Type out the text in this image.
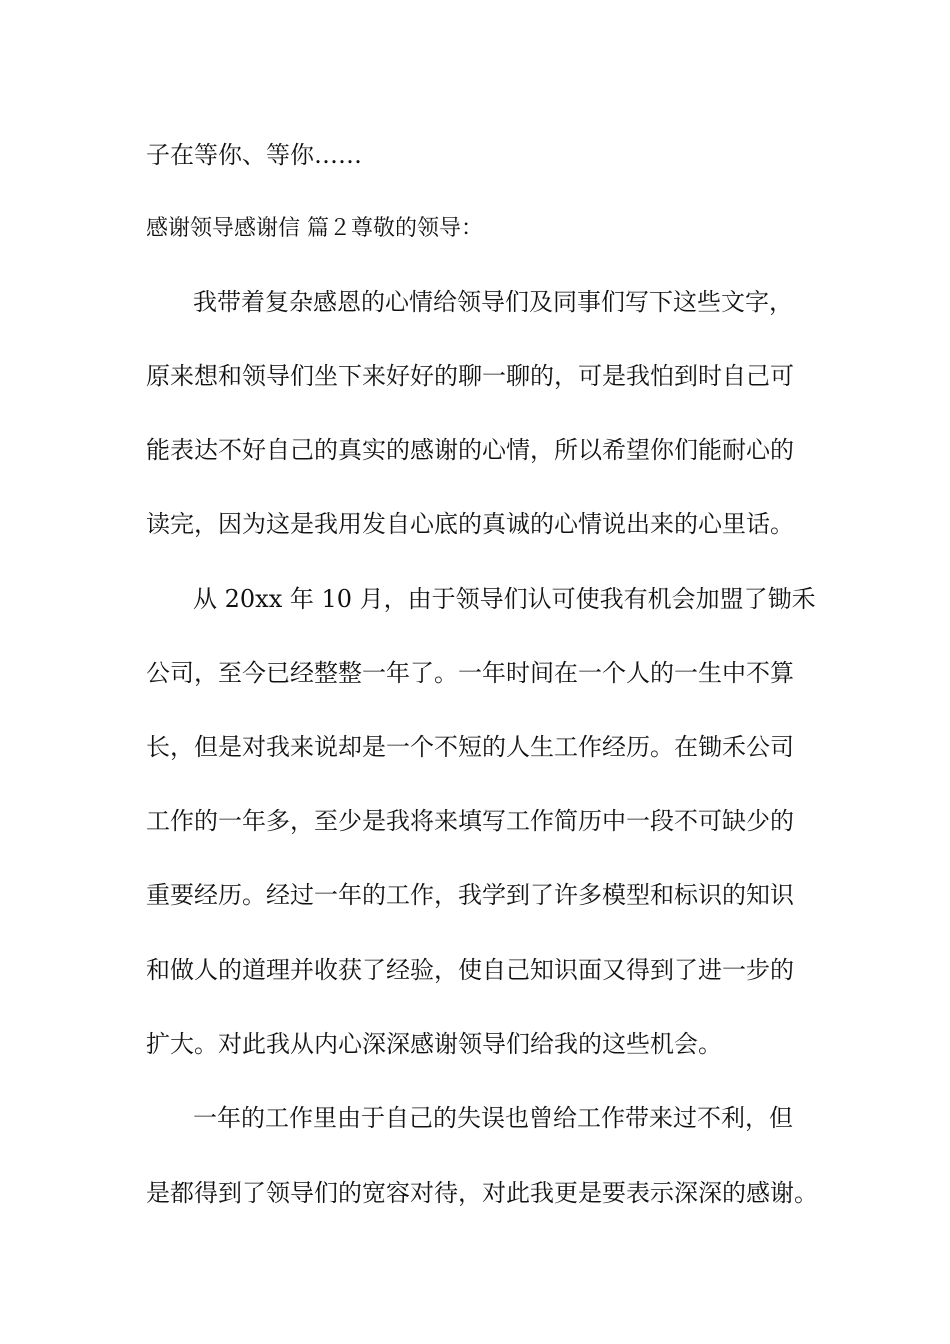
子在等你、等你……
感谢领导感谢信 篇２尊敬的领导：
我带着复杂感恩的心情给领导们及同事们写下这些文字，
原来想和领导们坐下来好好的聊一聊的，可是我怕到时自己可
能表达不好自己的真实的感谢的心情，所以希望你们能耐心的
读完，因为这是我用发自心底的真诚的心情说出来的心里话。
从 20xx 年 10 月，由于领导们认可使我有机会加盟了锄禾
公司，至今已经整整一年了。一年时间在一个人的一生中不算
长，但是对我来说却是一个不短的人生工作经历。在锄禾公司
工作的一年多，至少是我将来填写工作简历中一段不可缺少的
重要经历。经过一年的工作，我学到了许多模型和标识的知识
和做人的道理并收获了经验，使自己知识面又得到了进一步的
扩大。对此我从内心深深感谢领导们给我的这些机会。
一年的工作里由于自己的失误也曾给工作带来过不利，但
是都得到了领导们的宽容对待，对此我更是要表示深深的感谢。
